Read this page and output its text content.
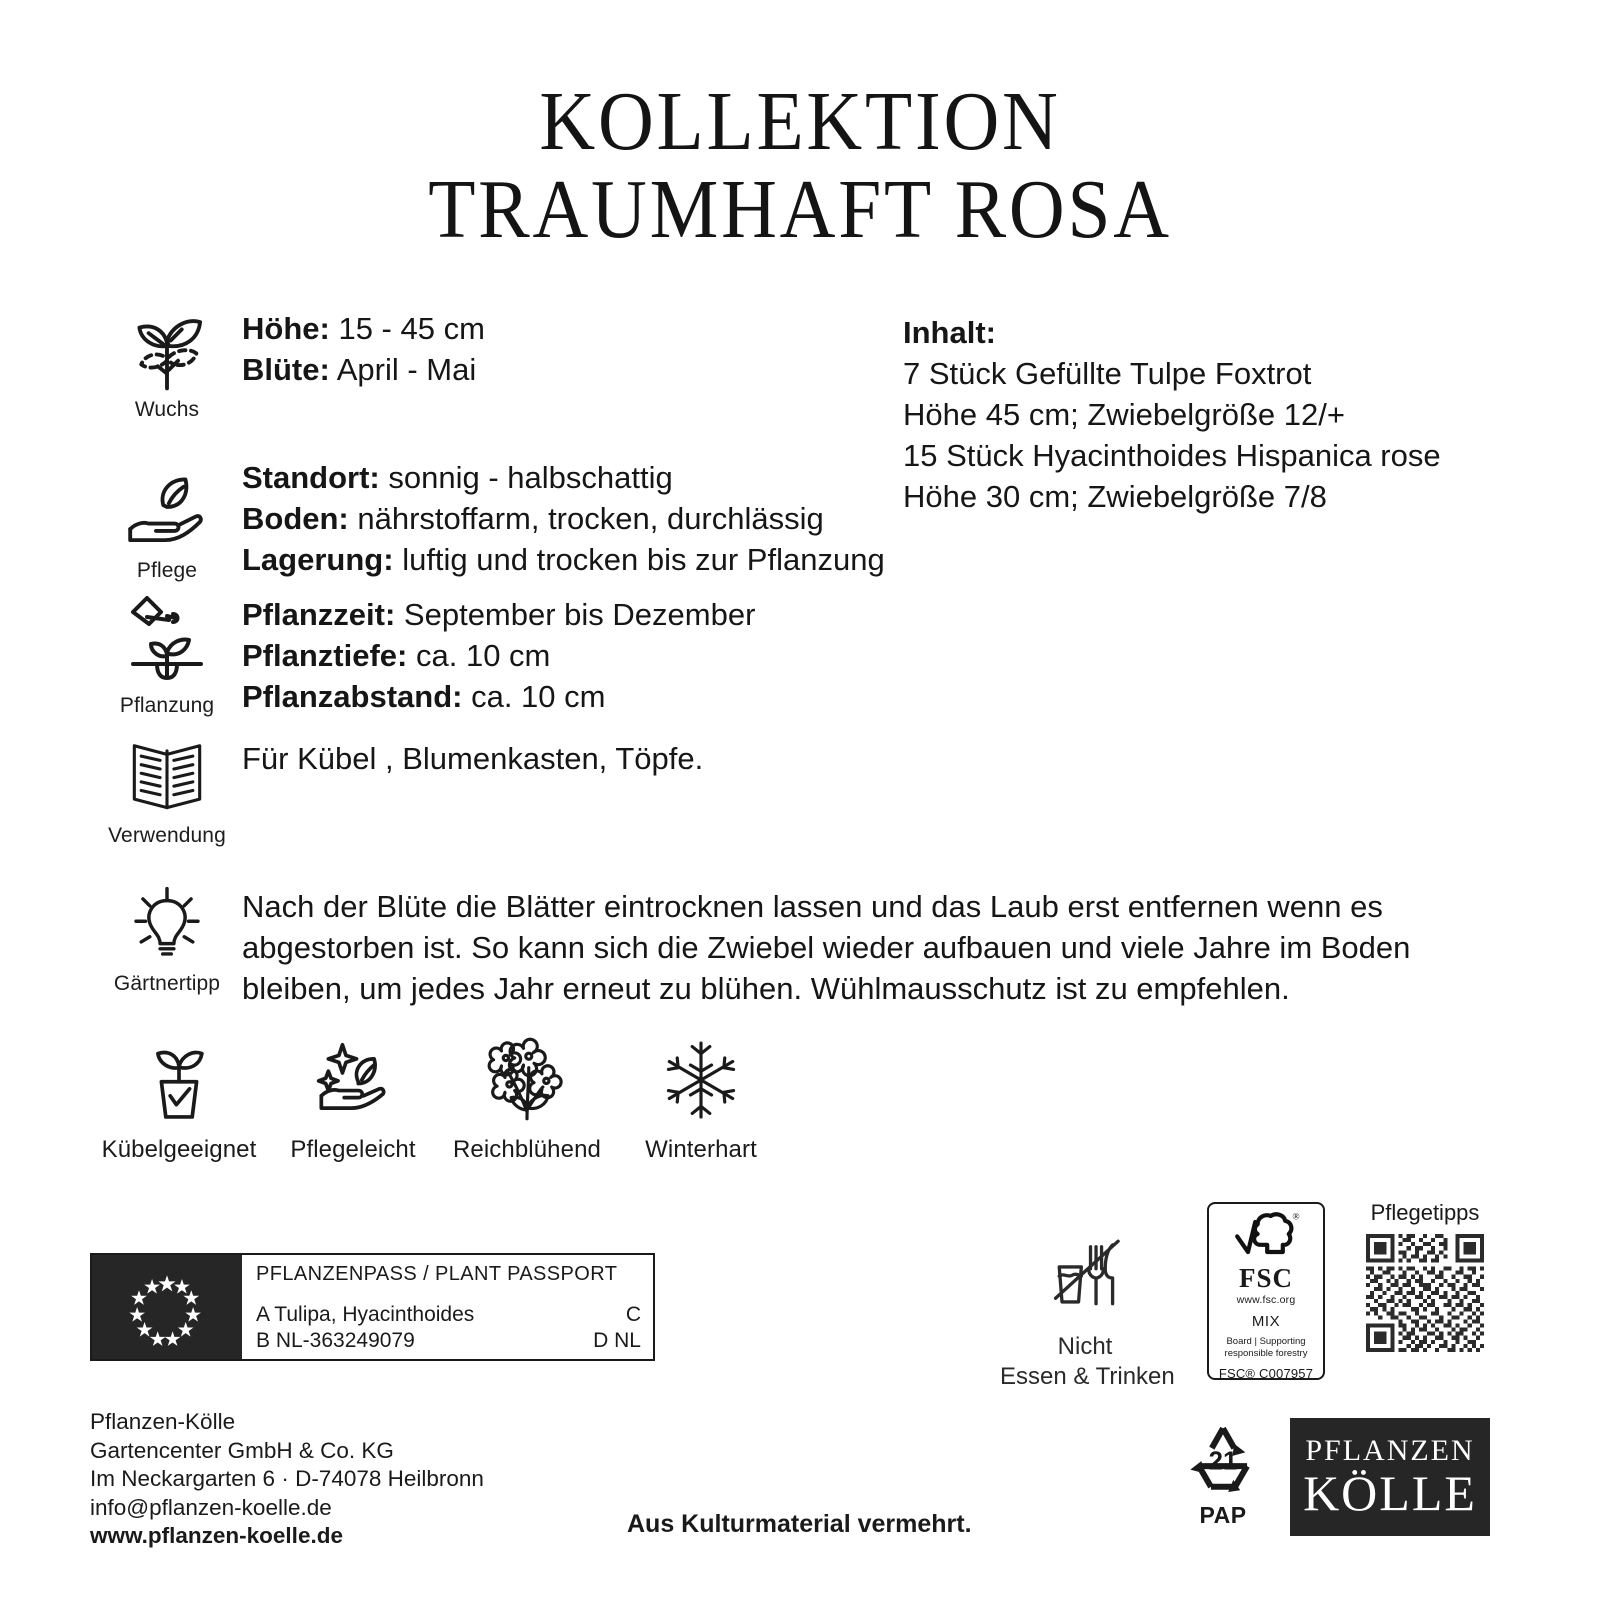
KOLLEKTION
TRAUMHAFT ROSA
Wuchs
Höhe: 15 - 45 cm
Blüte: April - Mai
Pflege
Standort: sonnig - halbschattig
Boden: nährstoffarm, trocken, durchlässig
Lagerung: luftig und trocken bis zur Pflanzung
Pflanzung
Pflanzzeit: September bis Dezember
Pflanztiefe: ca. 10 cm
Pflanzabstand: ca. 10 cm
Verwendung
Für Kübel , Blumenkasten, Töpfe.
Inhalt:
7 Stück Gefüllte Tulpe Foxtrot
Höhe 45 cm; Zwiebelgröße 12/+
15 Stück Hyacinthoides Hispanica rose
Höhe 30 cm; Zwiebelgröße 7/8
Gärtnertipp
Nach der Blüte die Blätter eintrocknen lassen und das Laub erst entfernen wenn es abgestorben ist. So kann sich die Zwiebel wieder aufbauen und viele Jahre im Boden bleiben, um jedes Jahr erneut zu blühen. Wühlmausschutz ist zu empfehlen.
Kübelgeeignet Pflegeleicht Reichblühend Winterhart
PFLANZENPASS / PLANT PASSPORT
A Tulipa, Hyacinthoides	C
B NL-363249079	D NL
Pflanzen-Kölle
Gartencenter GmbH & Co. KG
Im Neckargarten 6 · D-74078 Heilbronn
info@pflanzen-koelle.de
www.pflanzen-koelle.de	Aus Kulturmaterial vermehrt.
Nicht
Essen & Trinken
®
FSC
www.fsc.org
MIX
Board | Supporting
responsible forestry
FSC® C007957
Pflegetipps
21
PAP
PFLANZEN
KÖLLE
